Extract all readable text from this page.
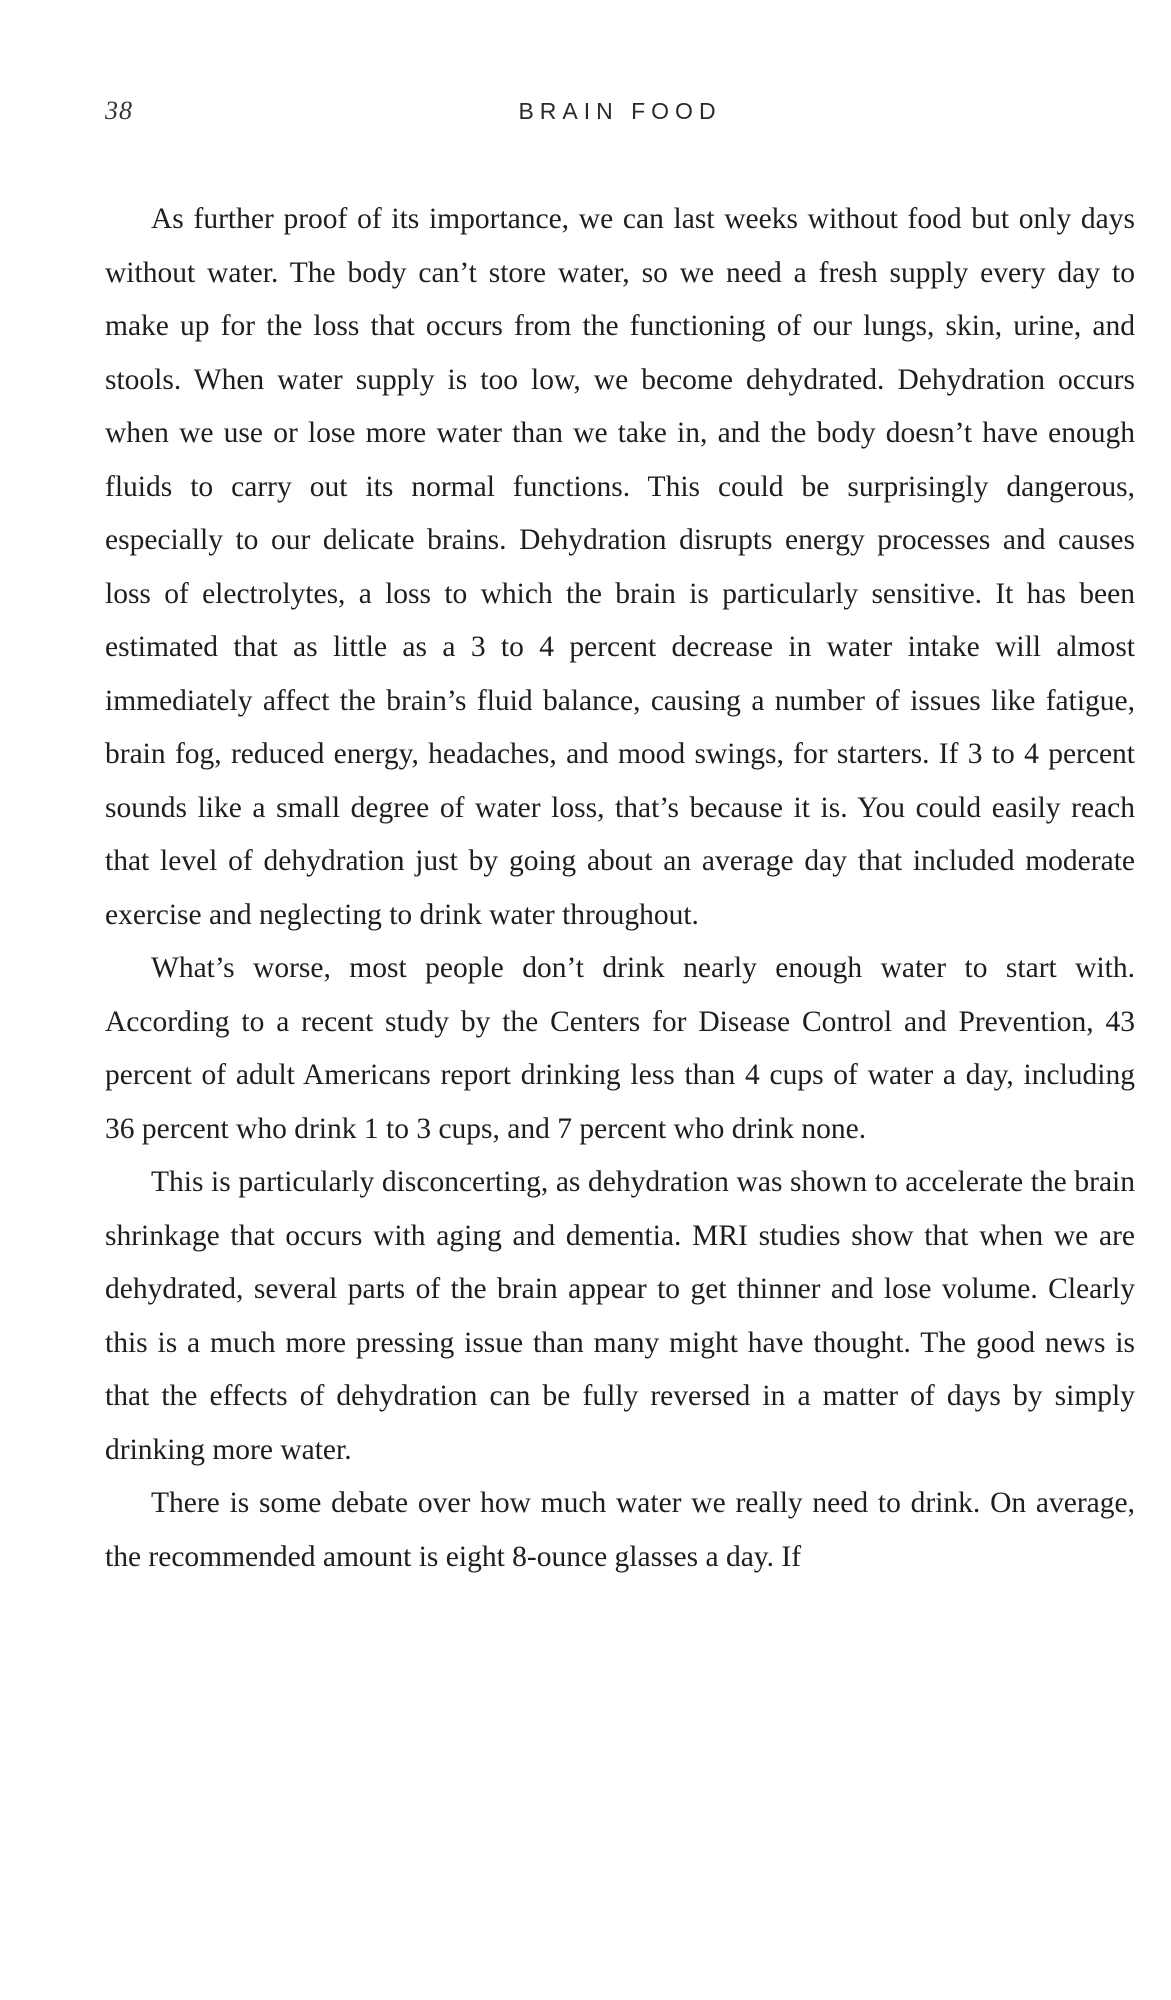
38	BRAIN FOOD

As further proof of its importance, we can last weeks without food but only days without water. The body can’t store water, so we need a fresh supply every day to make up for the loss that occurs from the functioning of our lungs, skin, urine, and stools. When water supply is too low, we become dehydrated. Dehydration occurs when we use or lose more water than we take in, and the body doesn’t have enough fluids to carry out its normal functions. This could be surprisingly dangerous, especially to our delicate brains. Dehydration disrupts energy processes and causes loss of electrolytes, a loss to which the brain is particularly sensitive. It has been estimated that as little as a 3 to 4 percent decrease in water intake will almost immediately affect the brain’s fluid balance, causing a number of issues like fatigue, brain fog, reduced energy, headaches, and mood swings, for starters. If 3 to 4 percent sounds like a small degree of water loss, that’s because it is. You could easily reach that level of dehydration just by going about an average day that included moderate exercise and neglecting to drink water throughout.

What’s worse, most people don’t drink nearly enough water to start with. According to a recent study by the Centers for Disease Control and Prevention, 43 percent of adult Americans report drinking less than 4 cups of water a day, including 36 percent who drink 1 to 3 cups, and 7 percent who drink none.

This is particularly disconcerting, as dehydration was shown to accelerate the brain shrinkage that occurs with aging and dementia. MRI studies show that when we are dehydrated, several parts of the brain appear to get thinner and lose volume. Clearly this is a much more pressing issue than many might have thought. The good news is that the effects of dehydration can be fully reversed in a matter of days by simply drinking more water.

There is some debate over how much water we really need to drink. On average, the recommended amount is eight 8-ounce glasses a day. If
